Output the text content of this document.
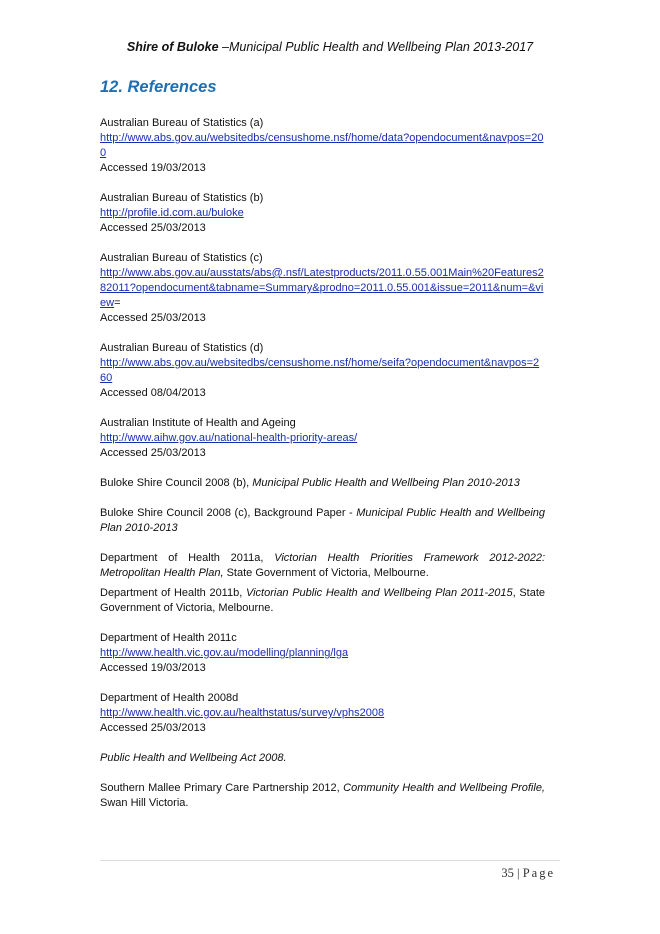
Shire of Buloke –Municipal Public Health and Wellbeing Plan 2013-2017
12. References
Australian Bureau of Statistics (a)
http://www.abs.gov.au/websitedbs/censushome.nsf/home/data?opendocument&navpos=200
Accessed 19/03/2013
Australian Bureau of Statistics (b)
http://profile.id.com.au/buloke
Accessed 25/03/2013
Australian Bureau of Statistics (c)
http://www.abs.gov.au/ausstats/abs@.nsf/Latestproducts/2011.0.55.001Main%20Features282011?opendocument&tabname=Summary&prodno=2011.0.55.001&issue=2011&num=&view=
Accessed 25/03/2013
Australian Bureau of Statistics (d)
http://www.abs.gov.au/websitedbs/censushome.nsf/home/seifa?opendocument&navpos=260
Accessed 08/04/2013
Australian Institute of Health and Ageing
http://www.aihw.gov.au/national-health-priority-areas/
Accessed 25/03/2013
Buloke Shire Council 2008 (b), Municipal Public Health and Wellbeing Plan 2010-2013
Buloke Shire Council 2008 (c), Background Paper - Municipal Public Health and Wellbeing Plan 2010-2013
Department of Health 2011a, Victorian Health Priorities Framework 2012-2022: Metropolitan Health Plan, State Government of Victoria, Melbourne.
Department of Health 2011b, Victorian Public Health and Wellbeing Plan 2011-2015, State Government of Victoria, Melbourne.
Department of Health 2011c
http://www.health.vic.gov.au/modelling/planning/lga
Accessed 19/03/2013
Department of Health 2008d
http://www.health.vic.gov.au/healthstatus/survey/vphs2008
Accessed 25/03/2013
Public Health and Wellbeing Act 2008.
Southern Mallee Primary Care Partnership 2012, Community Health and Wellbeing Profile, Swan Hill Victoria.
35 | Page
